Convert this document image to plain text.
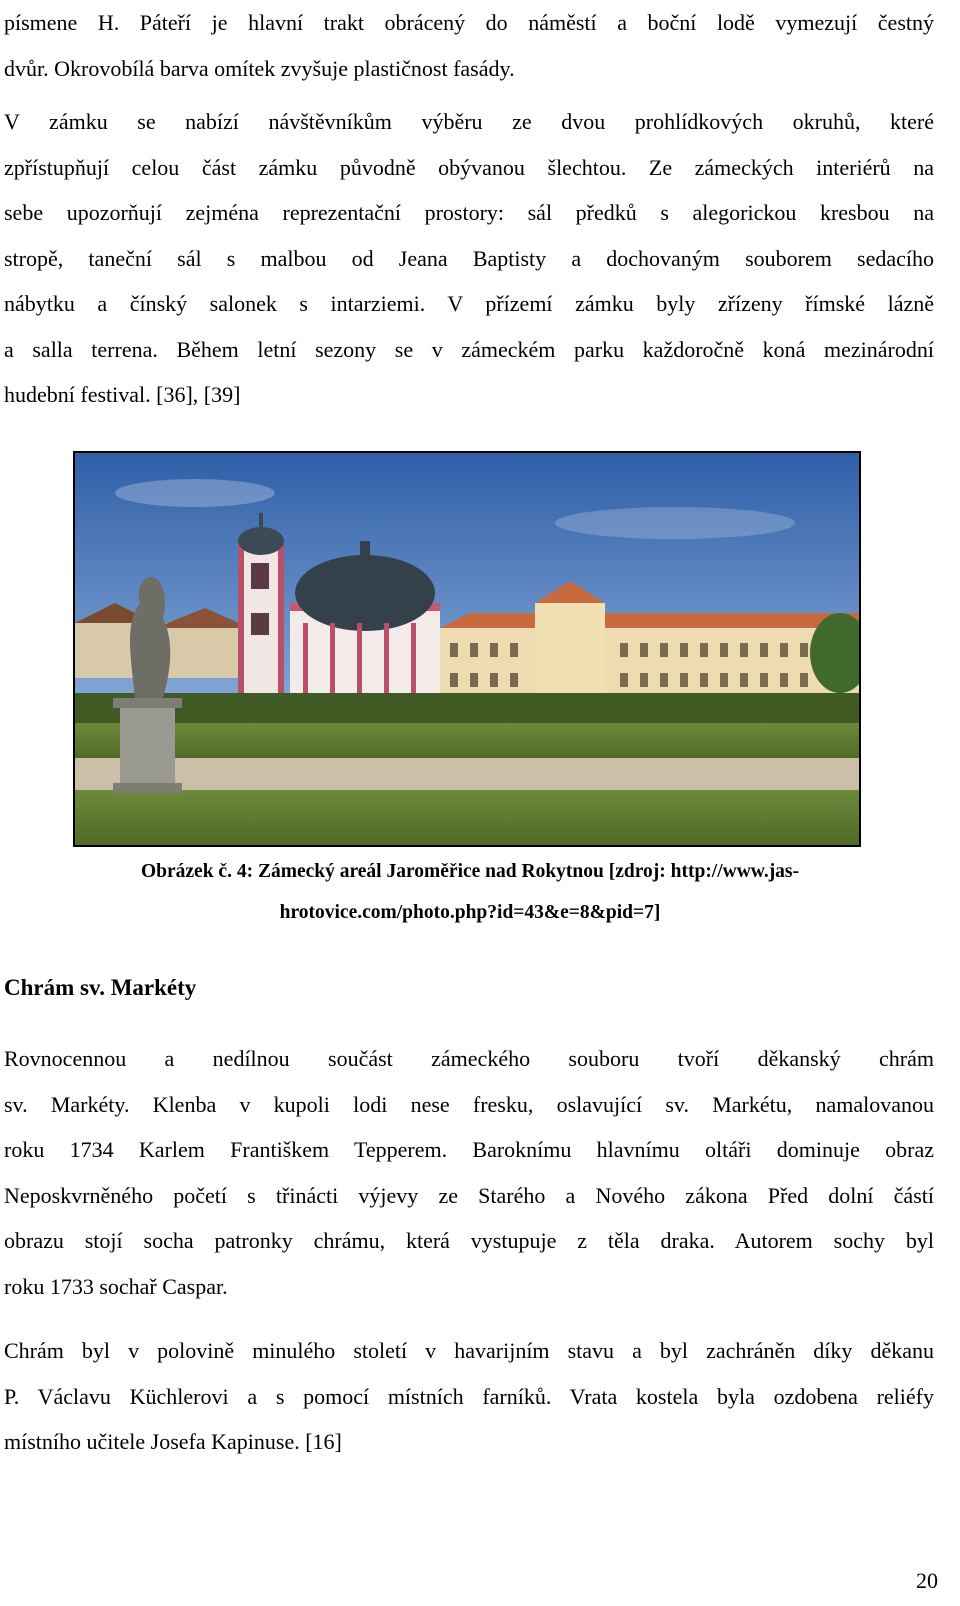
písmene H. Páteří je hlavní trakt obrácený do náměstí a boční lodě vymezují čestný
dvůr. Okrovobílá barva omítek zvyšuje plastičnost fasády.
V zámku se nabízí návštěvníkům výběru ze dvou prohlídkových okruhů, které
zpřístupňují celou část zámku původně obývanou šlechtou. Ze zámeckých interiérů na
sebe upozorňují zejména reprezentační prostory: sál předků s alegorickou kresbou na
stropě, taneční sál s malbou od Jeana Baptisty a dochovaným souborem sedacího
nábytku a čínský salonek s intarziemi. V přízemí zámku byly zřízeny římské lázně
a salla terrena. Během letní sezony se v zámeckém parku každoročně koná mezinárodní
hudební festival. [36], [39]

Obrázek č. 4: Zámecký areál Jaroměřice nad Rokytnou [zdroj: http://www.jas-
hrotovice.com/photo.php?id=43&e=8&pid=7]

Chrám sv. Markéty
Rovnocennou a nedílnou součást zámeckého souboru tvoří děkanský chrám
sv. Markéty. Klenba v kupoli lodi nese fresku, oslavující sv. Markétu, namalovanou
roku 1734 Karlem Františkem Tepperem. Baroknímu hlavnímu oltáři dominuje obraz
Neposkvrněného početí s třinácti výjevy ze Starého a Nového zákona Před dolní částí
obrazu stojí socha patronky chrámu, která vystupuje z těla draka. Autorem sochy byl
roku 1733 sochař Caspar.
Chrám byl v polovině minulého století v havarijním stavu a byl zachráněn díky děkanu
P. Václavu Küchlerovi a s pomocí místních farníků. Vrata kostela byla ozdobena reliéfy
místního učitele Josefa Kapinuse. [16]
20
